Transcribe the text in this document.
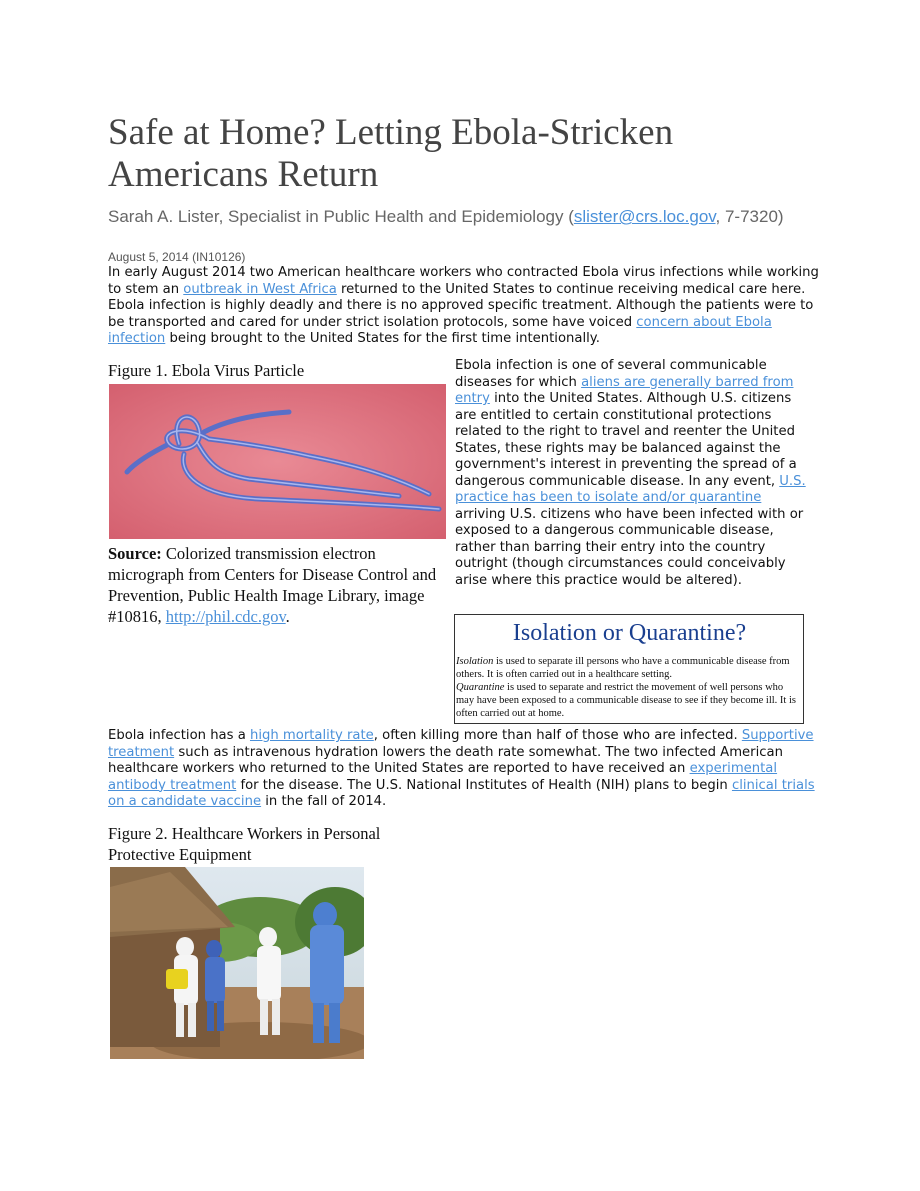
Safe at Home? Letting Ebola-Stricken Americans Return
Sarah A. Lister, Specialist in Public Health and Epidemiology (slister@crs.loc.gov, 7-7320)
August 5, 2014 (IN10126)

In early August 2014 two American healthcare workers who contracted Ebola virus infections while working to stem an outbreak in West Africa returned to the United States to continue receiving medical care here. Ebola infection is highly deadly and there is no approved specific treatment. Although the patients were to be transported and cared for under strict isolation protocols, some have voiced concern about Ebola infection being brought to the United States for the first time intentionally.

Figure 1. Ebola Virus Particle
Source: Colorized transmission electron micrograph from Centers for Disease Control and Prevention, Public Health Image Library, image #10816, http://phil.cdc.gov.

Ebola infection is one of several communicable diseases for which aliens are generally barred from entry into the United States. Although U.S. citizens are entitled to certain constitutional protections related to the right to travel and reenter the United States, these rights may be balanced against the government's interest in preventing the spread of a dangerous communicable disease. In any event, U.S. practice has been to isolate and/or quarantine arriving U.S. citizens who have been infected with or exposed to a dangerous communicable disease, rather than barring their entry into the country outright (though circumstances could conceivably arise where this practice would be altered).

Isolation or Quarantine?
Isolation is used to separate ill persons who have a communicable disease from others. It is often carried out in a healthcare setting.
Quarantine is used to separate and restrict the movement of well persons who may have been exposed to a communicable disease to see if they become ill. It is often carried out at home.

Ebola infection has a high mortality rate, often killing more than half of those who are infected. Supportive treatment such as intravenous hydration lowers the death rate somewhat. The two infected American healthcare workers who returned to the United States are reported to have received an experimental antibody treatment for the disease. The U.S. National Institutes of Health (NIH) plans to begin clinical trials on a candidate vaccine in the fall of 2014.

Figure 2. Healthcare Workers in Personal Protective Equipment
